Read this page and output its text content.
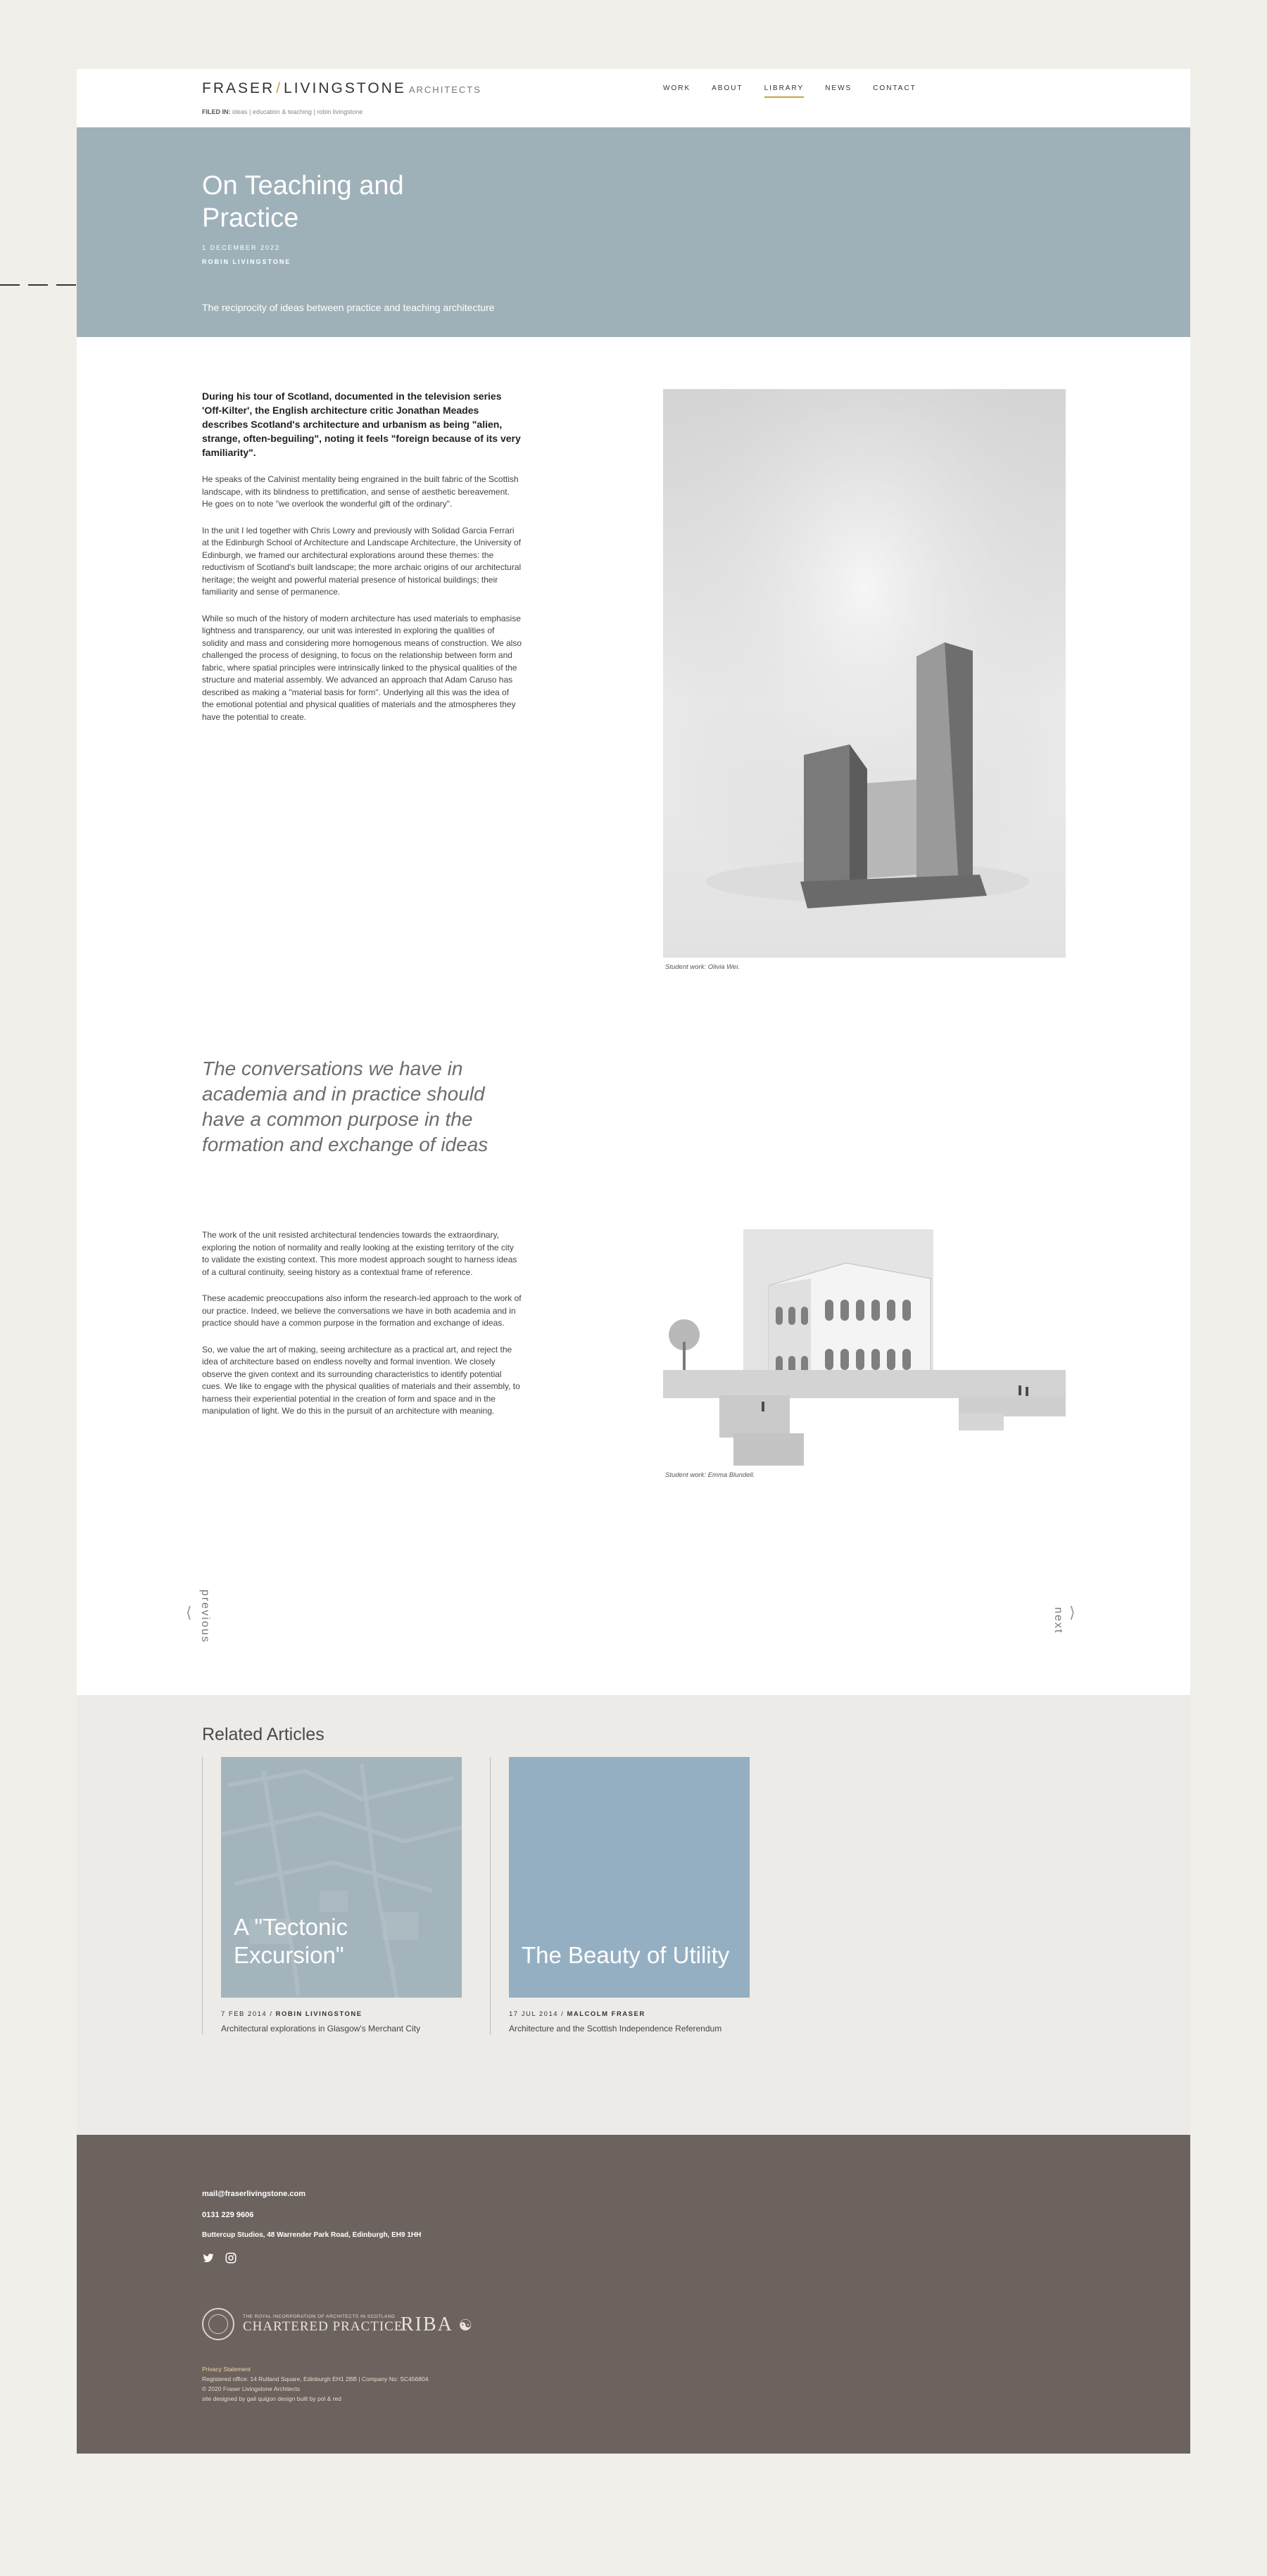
FRASER/LIVINGSTONE ARCHITECTS
FILED IN: ideas | education & teaching | robin livingstone
WORK	ABOUT	LIBRARY	NEWS	CONTACT
On Teaching and Practice
1 DECEMBER 2022
ROBIN LIVINGSTONE
The reciprocity of ideas between practice and teaching architecture

During his tour of Scotland, documented in the television series 'Off-Kilter', the English architecture critic Jonathan Meades describes Scotland's architecture and urbanism as being "alien, strange, often-beguiling", noting it feels "foreign because of its very familiarity".

He speaks of the Calvinist mentality being engrained in the built fabric of the Scottish landscape, with its blindness to prettification, and sense of aesthetic bereavement. He goes on to note "we overlook the wonderful gift of the ordinary".

In the unit I led together with Chris Lowry and previously with Solidad Garcia Ferrari at the Edinburgh School of Architecture and Landscape Architecture, the University of Edinburgh, we framed our architectural explorations around these themes: the reductivism of Scotland's built landscape; the more archaic origins of our architectural heritage; the weight and powerful material presence of historical buildings; their familiarity and sense of permanence.

While so much of the history of modern architecture has used materials to emphasise lightness and transparency, our unit was interested in exploring the qualities of solidity and mass and considering more homogenous means of construction. We also challenged the process of designing, to focus on the relationship between form and fabric, where spatial principles were intrinsically linked to the physical qualities of the structure and material assembly. We advanced an approach that Adam Caruso has described as making a "material basis for form". Underlying all this was the idea of the emotional potential and physical qualities of materials and the atmospheres they have the potential to create.

Student work: Olivia Wei.
The conversations we have in academia and in practice should have a common purpose in the formation and exchange of ideas

The work of the unit resisted architectural tendencies towards the extraordinary, exploring the notion of normality and really looking at the existing territory of the city to validate the existing context. This more modest approach sought to harness ideas of a cultural continuity, seeing history as a contextual frame of reference.

These academic preoccupations also inform the research-led approach to the work of our practice. Indeed, we believe the conversations we have in both academia and in practice should have a common purpose in the formation and exchange of ideas.

So, we value the art of making, seeing architecture as a practical art, and reject the idea of architecture based on endless novelty and formal invention. We closely observe the given context and its surrounding characteristics to identify potential cues. We like to engage with the physical qualities of materials and their assembly, to harness their experiential potential in the creation of form and space and in the manipulation of light. We do this in the pursuit of an architecture with meaning.

Student work: Emma Blundell.
⟨ previous	next ⟩
Related Articles
A "Tectonic Excursion"
7 FEB 2014 / ROBIN LIVINGSTONE
Architectural explorations in Glasgow's Merchant City
The Beauty of Utility
17 JUL 2014 / MALCOLM FRASER
Architecture and the Scottish Independence Referendum
mail@fraserlivingstone.com
0131 229 9606
Buttercup Studios, 48 Warrender Park Road, Edinburgh, EH9 1HH
THE ROYAL INCORPORATION OF ARCHITECTS IN SCOTLAND
CHARTERED PRACTICE
RIBA ☯
Privacy Statement
Registered office: 14 Rutland Square, Edinburgh EH1 2BB | Company No: SC456804
© 2020 Fraser Livingstone Architects
site designed by gail quigon design built by pol & red
